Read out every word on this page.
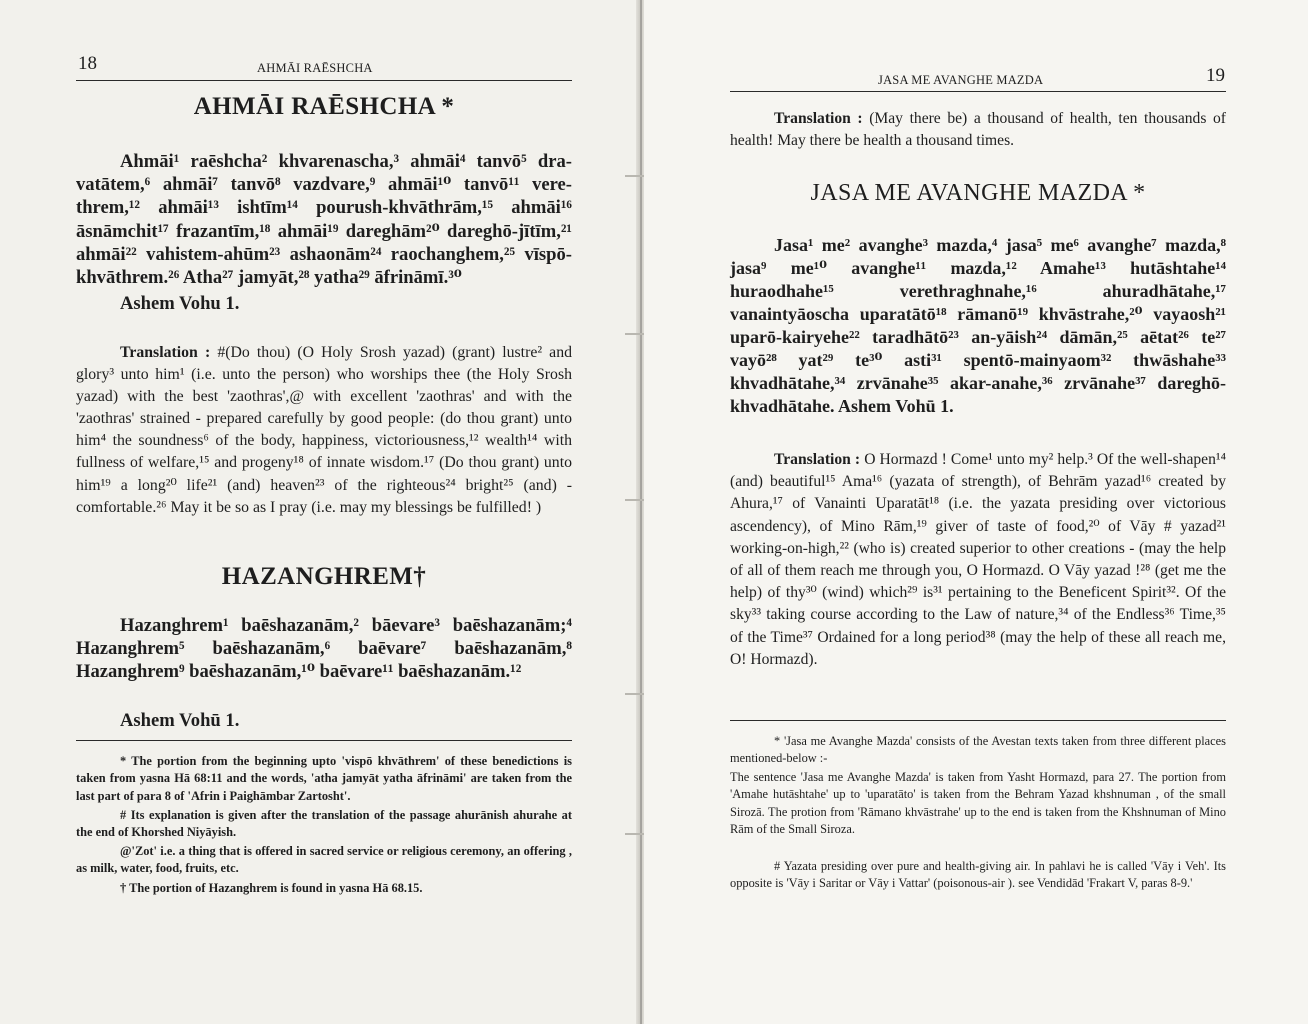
18	AHMĀI RAĒSHCHA
AHMĀI RAĒSHCHA *

Ahmāi¹ raēshcha² khvarenascha,³ ahmāi⁴ tanvō⁵ dra-vatātem,⁶ ahmāi⁷ tanvō⁸ vazdvare,⁹ ahmāi¹⁰ tanvō¹¹ vere-threm,¹² ahmāi¹³ ishtīm¹⁴ pourush-khvāthrām,¹⁵ ahmāi¹⁶ āsnāmchit¹⁷ frazantīm,¹⁸ ahmāi¹⁹ dareghām²⁰ dareghō-jītīm,²¹ ahmāi²² vahistem-ahūm²³ ashaonām²⁴ raochanghem,²⁵ vīspō-khvāthrem.²⁶ Atha²⁷ jamyāt,²⁸ yatha²⁹ āfrināmī.³⁰

Ashem Vohu 1.

Translation : #(Do thou) (O Holy Srosh yazad) (grant) lustre² and glory³ unto him¹ (i.e. unto the person) who worships thee (the Holy Srosh yazad) with the best 'zaothras',@ with excellent 'zaothras' and with the 'zaothras' strained - prepared carefully by good people: (do thou grant) unto him⁴ the soundness⁶ of the body, happiness, victoriousness,¹² wealth¹⁴ with fullness of welfare,¹⁵ and progeny¹⁸ of innate wisdom.¹⁷ (Do thou grant) unto him¹⁹ a long²⁰ life²¹ (and) heaven²³ of the righteous²⁴ bright²⁵ (and) - comfortable.²⁶ May it be so as I pray (i.e. may my blessings be fulfilled! )

HAZANGHREM†

Hazanghrem¹ baēshazanām,² bāevare³ baēshazanām;⁴ Hazanghrem⁵ baēshazanām,⁶ baēvare⁷ baēshazanām,⁸ Hazanghrem⁹ baēshazanām,¹⁰ baēvare¹¹ baēshazanām.¹²

Ashem Vohū 1.

* The portion from the beginning upto 'vispō khvāthrem' of these benedictions is taken from yasna Hā 68:11 and the words, 'atha jamyāt yatha āfrināmi' are taken from the last part of para 8 of 'Afrin i Paighāmbar Zartosht'.

# Its explanation is given after the translation of the passage ahurānish ahurahe at the end of Khorshed Niyāyish.

@'Zot' i.e. a thing that is offered in sacred service or religious ceremony, an offering , as milk, water, food, fruits, etc.

† The portion of Hazanghrem is found in yasna Hā 68.15.

JASA ME AVANGHE MAZDA	19

Translation : (May there be) a thousand of health, ten thousands of health! May there be health a thousand times.

JASA ME AVANGHE MAZDA *

Jasa¹ me² avanghe³ mazda,⁴ jasa⁵ me⁶ avanghe⁷ mazda,⁸ jasa⁹ me¹⁰ avanghe¹¹ mazda,¹² Amahe¹³ hutāshtahe¹⁴ huraodhahe¹⁵ verethraghnahe,¹⁶ ahuradhātahe,¹⁷ vanaintyāoscha uparatātō¹⁸ rāmanō¹⁹ khvāstrahe,²⁰ vayaosh²¹ uparō-kairyehe²² taradhātō²³ an-yāish²⁴ dāmān,²⁵ aētat²⁶ te²⁷ vayō²⁸ yat²⁹ te³⁰ asti³¹ spentō-mainyaom³² thwāshahe³³ khvadhātahe,³⁴ zrvānahe³⁵ akar-anahe,³⁶ zrvānahe³⁷ dareghō-khvadhātahe. Ashem Vohū 1.

Translation : O Hormazd ! Come¹ unto my² help.³ Of the well-shapen¹⁴ (and) beautiful¹⁵ Ama¹⁶ (yazata of strength), of Behrām yazad¹⁶ created by Ahura,¹⁷ of Vanainti Uparatāt¹⁸ (i.e. the yazata presiding over victorious ascendency), of Mino Rām,¹⁹ giver of taste of food,²⁰ of Vāy # yazad²¹ working-on-high,²² (who is) created superior to other creations - (may the help of all of them reach me through you, O Hormazd. O Vāy yazad !²⁸ (get me the help) of thy³⁰ (wind) which²⁹ is³¹ pertaining to the Beneficent Spirit³². Of the sky³³ taking course according to the Law of nature,³⁴ of the Endless³⁶ Time,³⁵ of the Time³⁷ Ordained for a long period³⁸ (may the help of these all reach me, O! Hormazd).

* 'Jasa me Avanghe Mazda' consists of the Avestan texts taken from three different places mentioned-below :-

The sentence 'Jasa me Avanghe Mazda' is taken from Yasht Hormazd, para 27. The portion from 'Amahe hutāshtahe' up to 'uparatāto' is taken from the Behram Yazad khshnuman , of the small Sirozā. The protion from 'Rāmano khvāstrahe' up to the end is taken from the Khshnuman of Mino Rām of the Small Siroza.

# Yazata presiding over pure and health-giving air. In pahlavi he is called 'Vāy i Veh'. Its opposite is 'Vāy i Saritar or Vāy i Vattar' (poisonous-air ). see Vendidād 'Frakart V, paras 8-9.'
